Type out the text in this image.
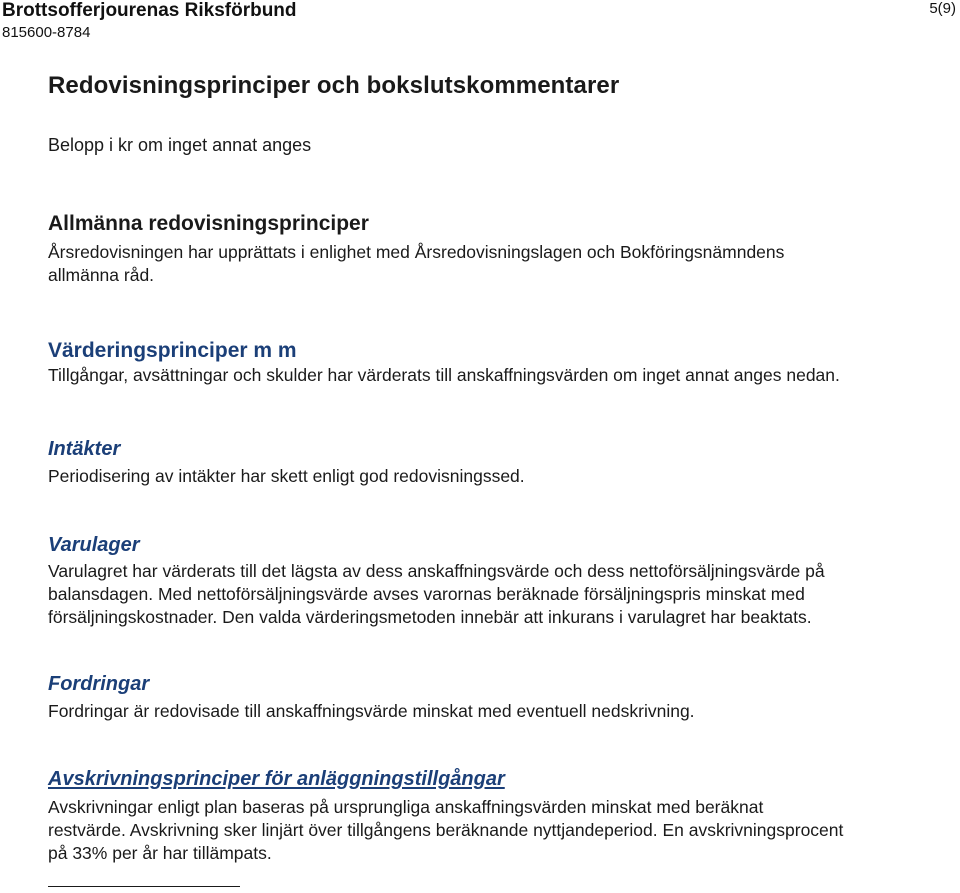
Brottsofferjourenas Riksförbund
815600-8784
5(9)
Redovisningsprinciper och bokslutskommentarer
Belopp i kr om inget annat anges
Allmänna redovisningsprinciper

Årsredovisningen har upprättats i enlighet med Årsredovisningslagen och Bokföringsnämndens
allmänna råd.

Värderingsprinciper m m

Tillgångar, avsättningar och skulder har värderats till anskaffningsvärden om inget annat anges nedan.

Intäkter

Periodisering av intäkter har skett enligt god redovisningssed.

Varulager

Varulagret har värderats till det lägsta av dess anskaffningsvärde och dess nettoförsäljningsvärde på
balansdagen. Med nettoförsäljningsvärde avses varornas beräknade försäljningspris minskat med
försäljningskostnader. Den valda värderingsmetoden innebär att inkurans i varulagret har beaktats.

Fordringar

Fordringar är redovisade till anskaffningsvärde minskat med eventuell nedskrivning.

Avskrivningsprinciper för anläggningstillgångar

Avskrivningar enligt plan baseras på ursprungliga anskaffningsvärden minskat med beräknat
restvärde. Avskrivning sker linjärt över tillgångens beräknande nyttjandeperiod. En avskrivningsprocent
på 33% per år har tillämpats.
